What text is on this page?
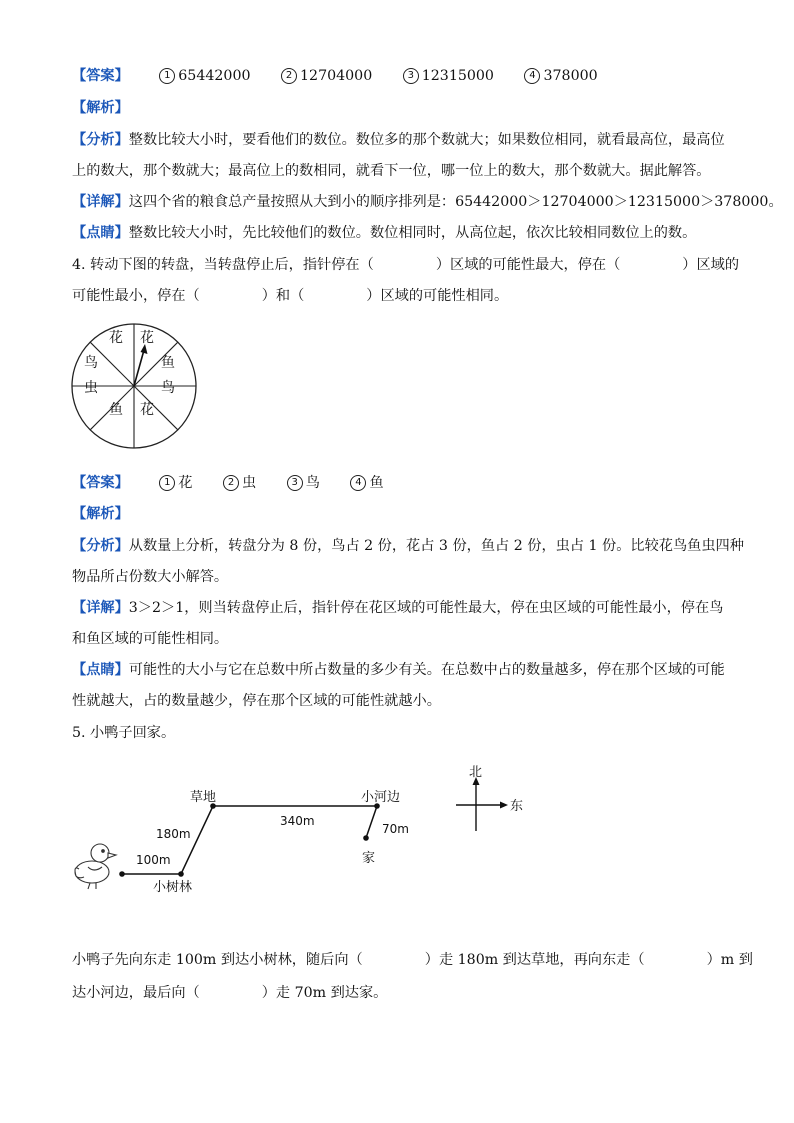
【答案】	1 65442000	2 12704000	3 12315000	4 378000
【解析】
【分析】整数比较大小时，要看他们的数位。数位多的那个数就大；如果数位相同，就看最高位，最高位
上的数大，那个数就大；最高位上的数相同，就看下一位，哪一位上的数大，那个数就大。据此解答。
【详解】这四个省的粮食总产量按照从大到小的顺序排列是：65442000＞12704000＞12315000＞378000。
【点睛】整数比较大小时，先比较他们的数位。数位相同时，从高位起，依次比较相同数位上的数。
4. 转动下图的转盘，当转盘停止后，指针停在（	）区域的可能性最大，停在（	）区域的
可能性最小，停在（	）和（	）区域的可能性相同。
花 花
鱼
鸟
花
鱼
虫
鸟
【答案】	1 花	2 虫	3 鸟	4 鱼
【解析】
【分析】从数量上分析，转盘分为 8 份，鸟占 2 份，花占 3 份，鱼占 2 份，虫占 1 份。比较花鸟鱼虫四种
物品所占份数大小解答。
【详解】3＞2＞1，则当转盘停止后，指针停在花区域的可能性最大，停在虫区域的可能性最小，停在鸟
和鱼区域的可能性相同。
【点睛】可能性的大小与它在总数中所占数量的多少有关。在总数中占的数量越多，停在那个区域的可能
性就越大，占的数量越少，停在那个区域的可能性就越小。
5. 小鸭子回家。
草地	小河边
小树林
家
100m
180m
340m
70m
北
东
小鸭子先向东走 100m 到达小树林，随后向（	）走 180m 到达草地，再向东走（	）m 到
达小河边，最后向（	）走 70m 到达家。
